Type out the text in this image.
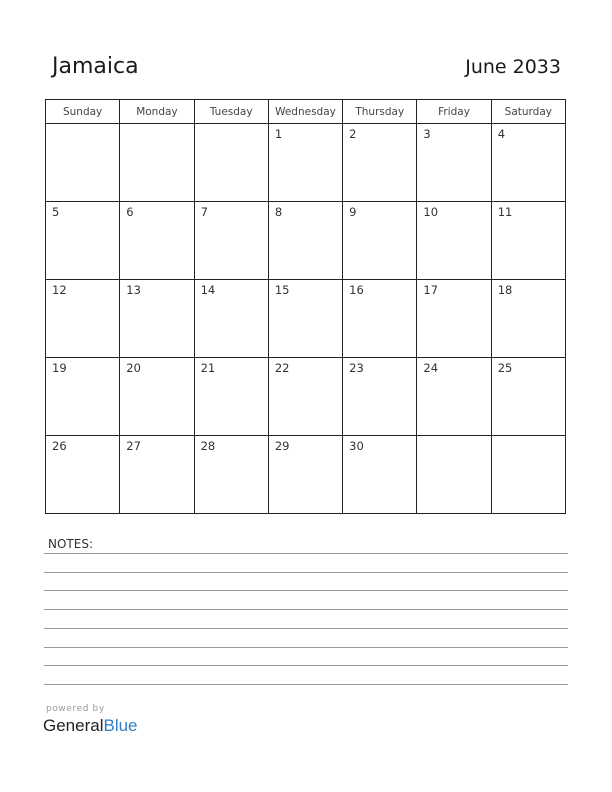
Jamaica	June 2033
Sunday	Monday	Tuesday	Wednesday	Thursday	Friday	Saturday

			1	2	3	4

5	6	7	8	9	10	11

12	13	14	15	16	17	18

19	20	21	22	23	24	25

26	27	28	29	30		

NOTES:
powered by
GeneralBlue
